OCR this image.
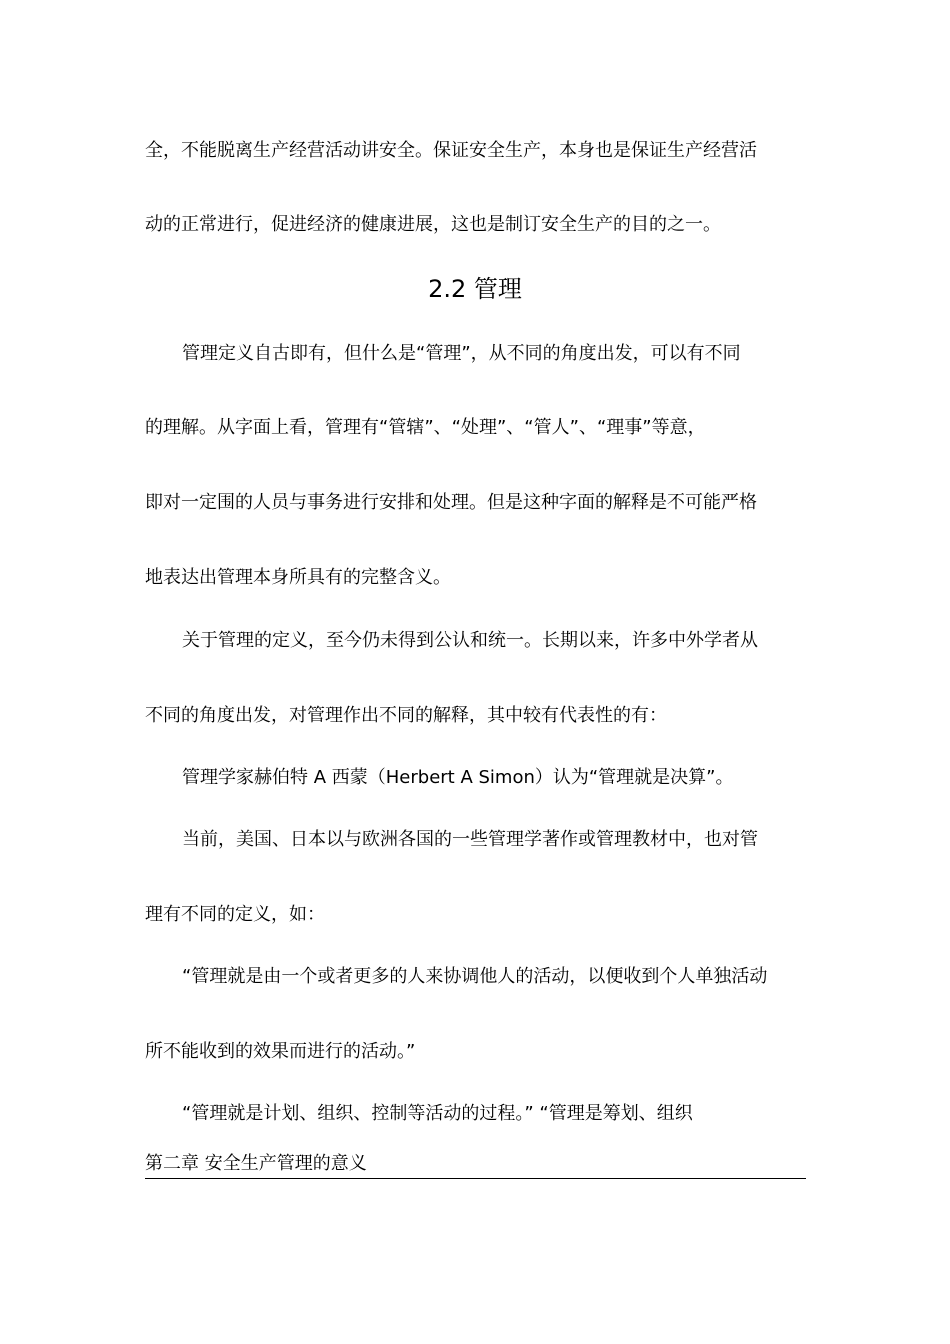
全，不能脱离生产经营活动讲安全。保证安全生产，本身也是保证生产经营活

动的正常进行，促进经济的健康进展，这也是制订安全生产的目的之一。

2.2 管理

管理定义自古即有，但什么是“管理”，从不同的角度出发，可以有不同

的理解。从字面上看，管理有“管辖”、“处理”、“管人”、“理事”等意，

即对一定围的人员与事务进行安排和处理。但是这种字面的解释是不可能严格

地表达出管理本身所具有的完整含义。

关于管理的定义，至今仍未得到公认和统一。长期以来，许多中外学者从

不同的角度出发，对管理作出不同的解释，其中较有代表性的有：

管理学家赫伯特 A 西蒙（Herbert A Simon）认为“管理就是决算”。

当前，美国、日本以与欧洲各国的一些管理学著作或管理教材中，也对管

理有不同的定义，如：

“管理就是由一个或者更多的人来协调他人的活动，以便收到个人单独活动

所不能收到的效果而进行的活动。”

“管理就是计划、组织、控制等活动的过程。” “管理是筹划、组织

第二章 安全生产管理的意义
